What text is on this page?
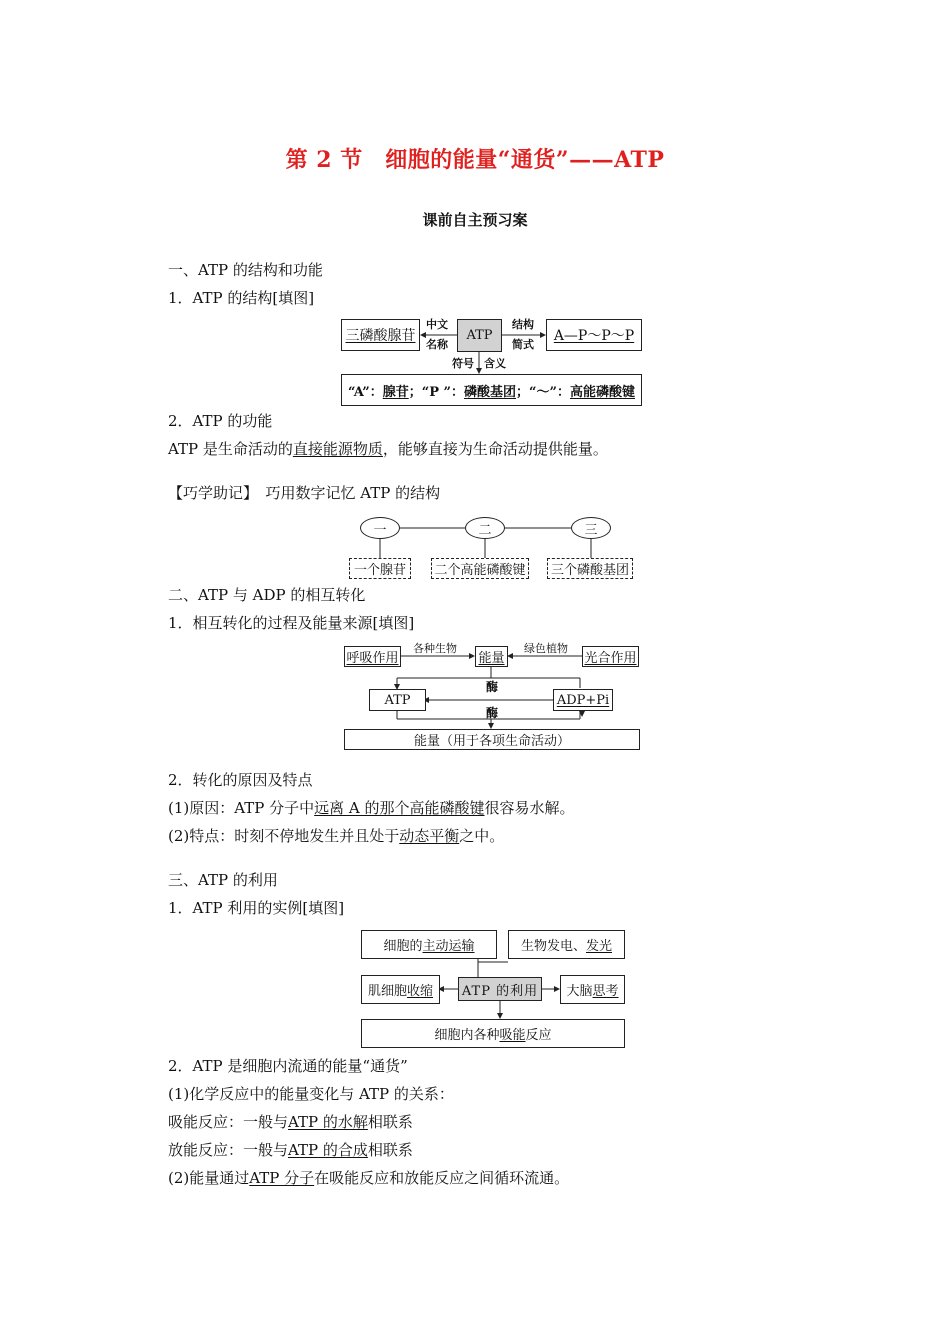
第 2 节　细胞的能量“通货”——ATP
课前自主预习案
一、ATP 的结构和功能
1．ATP 的结构[填图]
三磷酸腺苷	ATP	A—P～P～P
中文
名称
结构
简式
符号 含义
“A”： 腺苷 ；“P ”： 磷酸基团 ；“～”： 高能磷酸键
2．ATP 的功能
ATP 是生命活动的直接能源物质，能够直接为生命活动提供能量。
【巧学助记】　巧用数字记忆 ATP 的结构
一	二	三
一个腺苷	二个高能磷酸键	三个磷酸基团
二、ATP 与 ADP 的相互转化
1．相互转化的过程及能量来源[填图]
呼吸作用	能量	光合作用
各种生物	绿色植物
酶
ATP	ADP+Pi
酶
能量（用于各项生命活动）
2．转化的原因及特点
(1)原因：ATP 分子中远离 A 的那个高能磷酸键很容易水解。
(2)特点：时刻不停地发生并且处于动态平衡之中。
三、ATP 的利用
1．ATP 利用的实例[填图]
细胞的 主动运输	生物发电、 发光
肌细胞 收缩 ATP 的利用 大脑 思考
细胞内各种 吸能 反应
2．ATP 是细胞内流通的能量“通货”
(1)化学反应中的能量变化与 ATP 的关系：
吸能反应：一般与ATP 的水解相联系
放能反应：一般与ATP 的合成相联系
(2)能量通过ATP 分子在吸能反应和放能反应之间循环流通。
